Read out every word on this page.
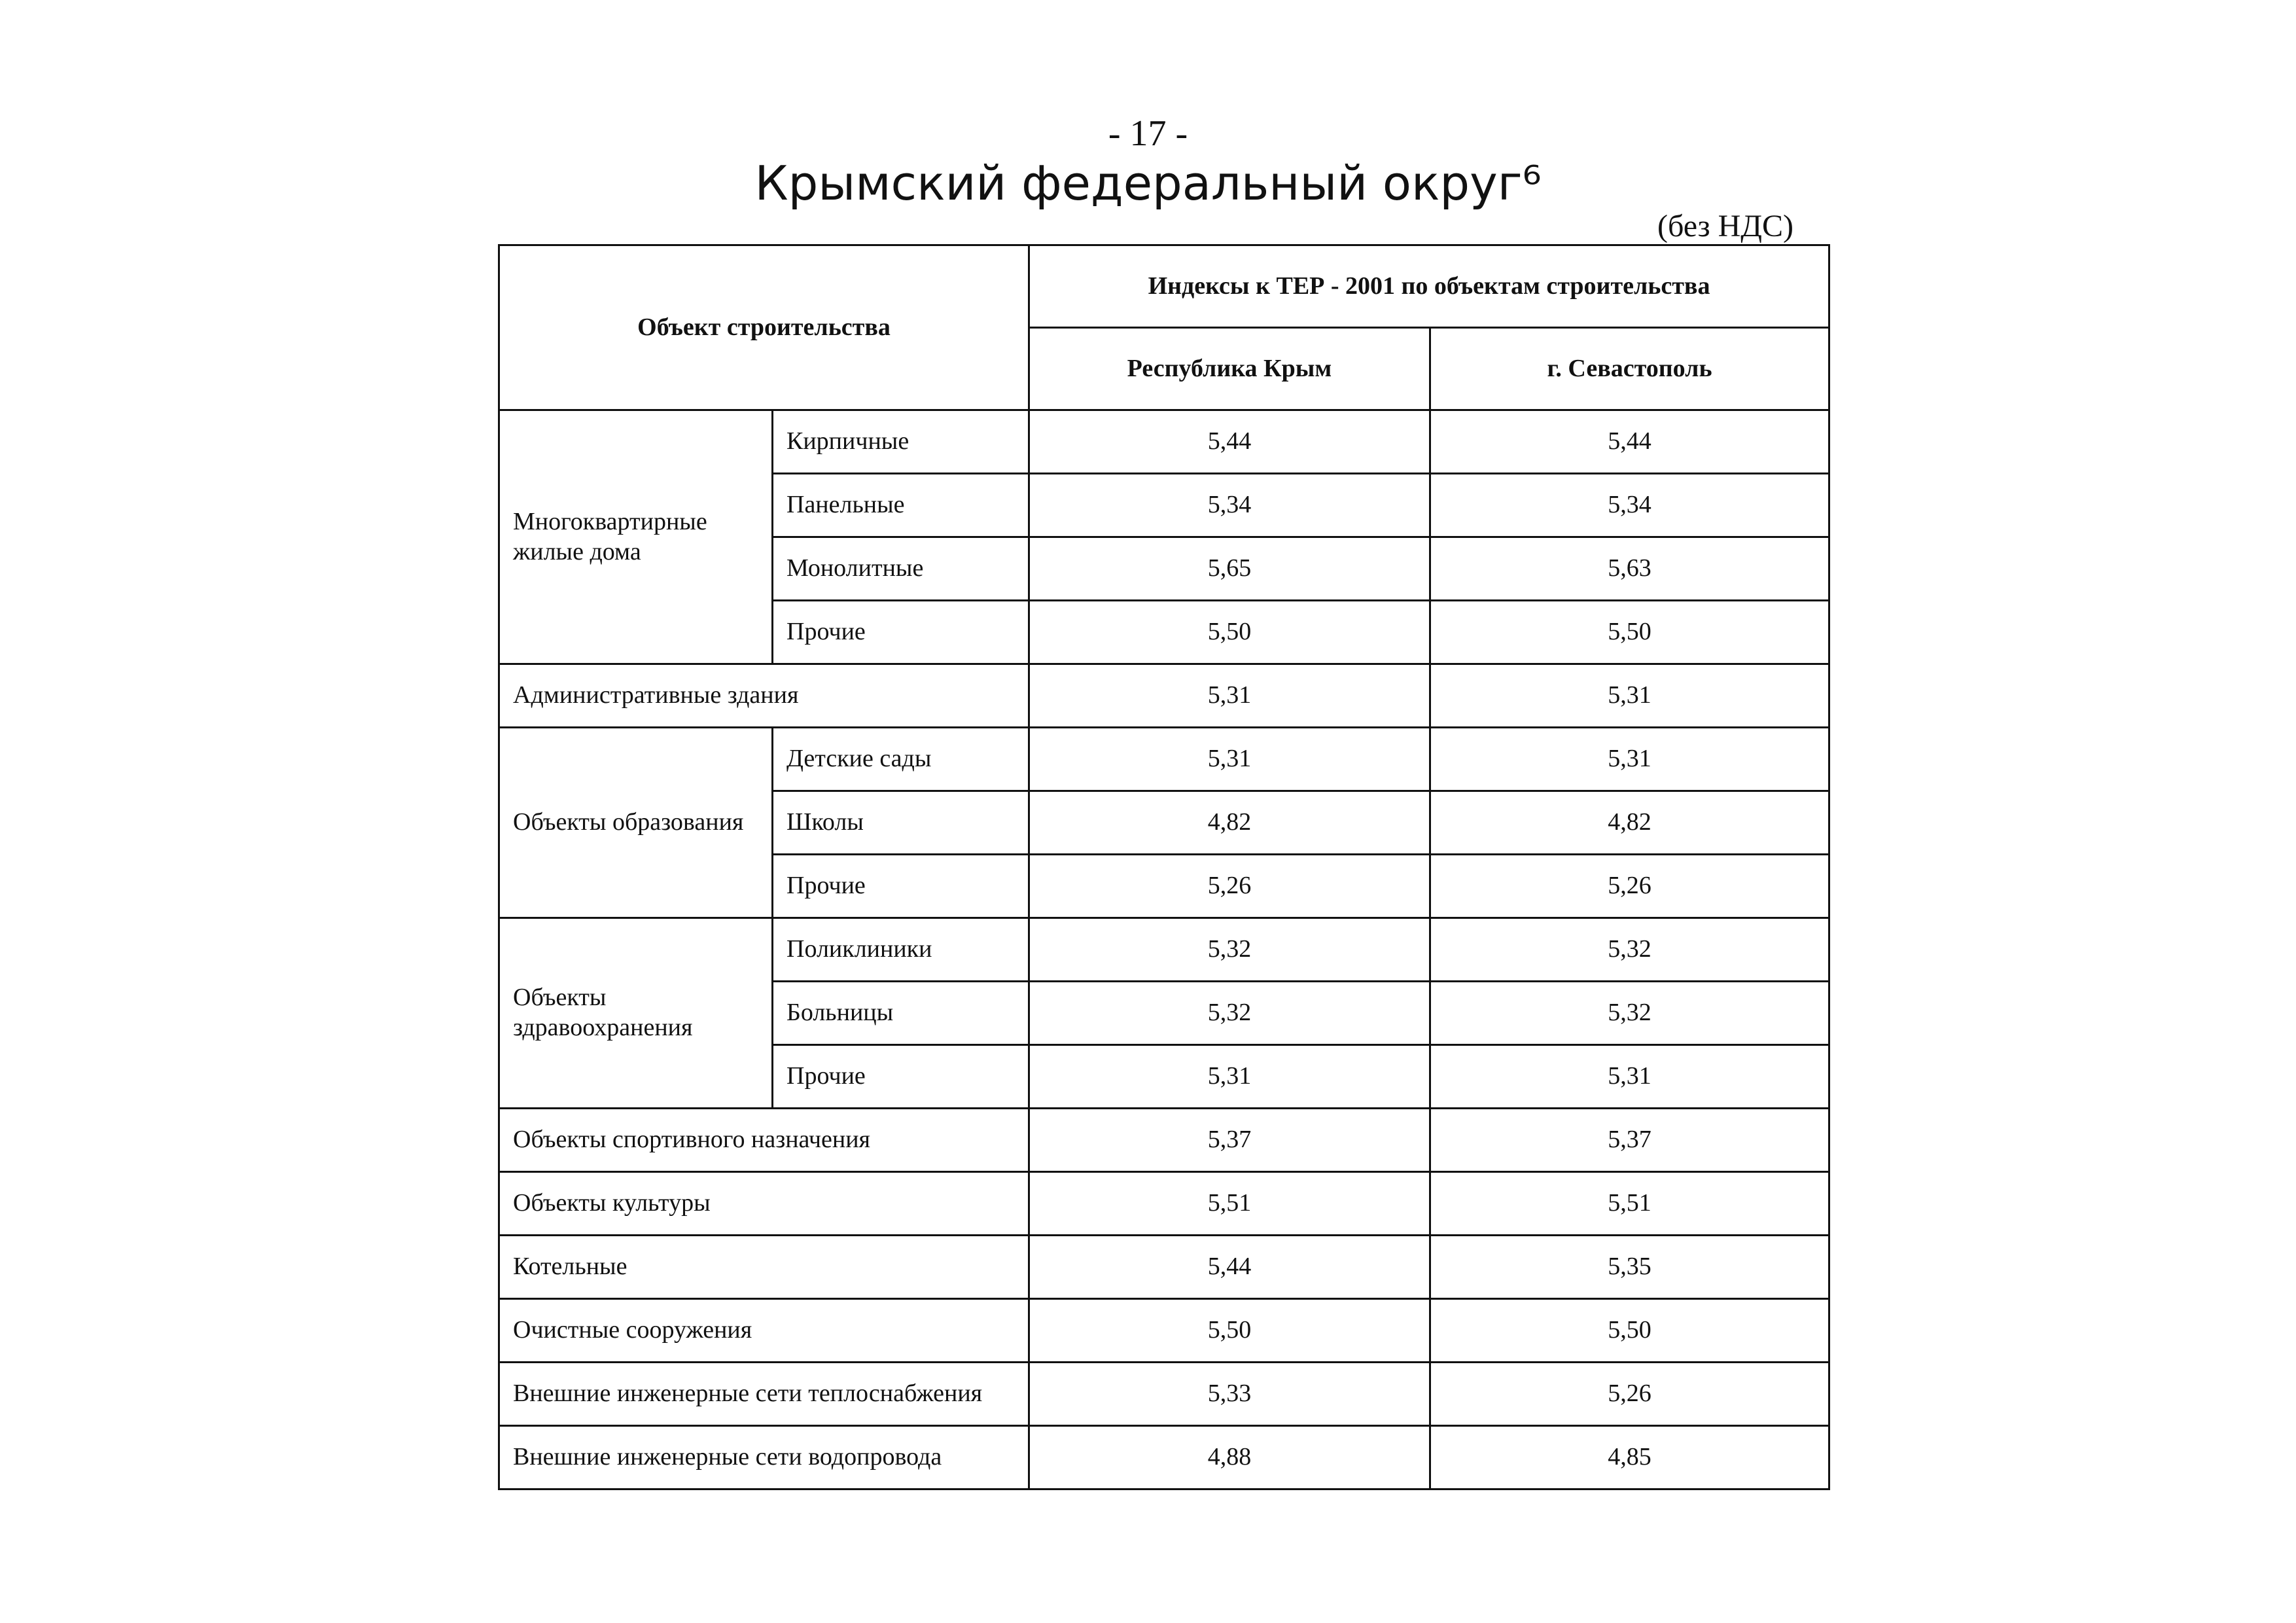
- 17 -
Крымский федеральный округ⁶
(без НДС)
Объект строительства		Индексы к ТЕР - 2001 по объектам строительства	
		Республика Крым	г. Севастополь
Многоквартирные жилые дома	Кирпичные	5,44	5,44
	Панельные	5,34	5,34
	Монолитные	5,65	5,63
	Прочие	5,50	5,50
Административные здания		5,31	5,31
Объекты образования	Детские сады	5,31	5,31
	Школы	4,82	4,82
	Прочие	5,26	5,26
Объекты здравоохранения	Поликлиники	5,32	5,32
	Больницы	5,32	5,32
	Прочие	5,31	5,31
Объекты спортивного назначения		5,37	5,37
Объекты культуры		5,51	5,51
Котельные		5,44	5,35
Очистные сооружения		5,50	5,50
Внешние инженерные сети теплоснабжения		5,33	5,26
Внешние инженерные сети водопровода		4,88	4,85
